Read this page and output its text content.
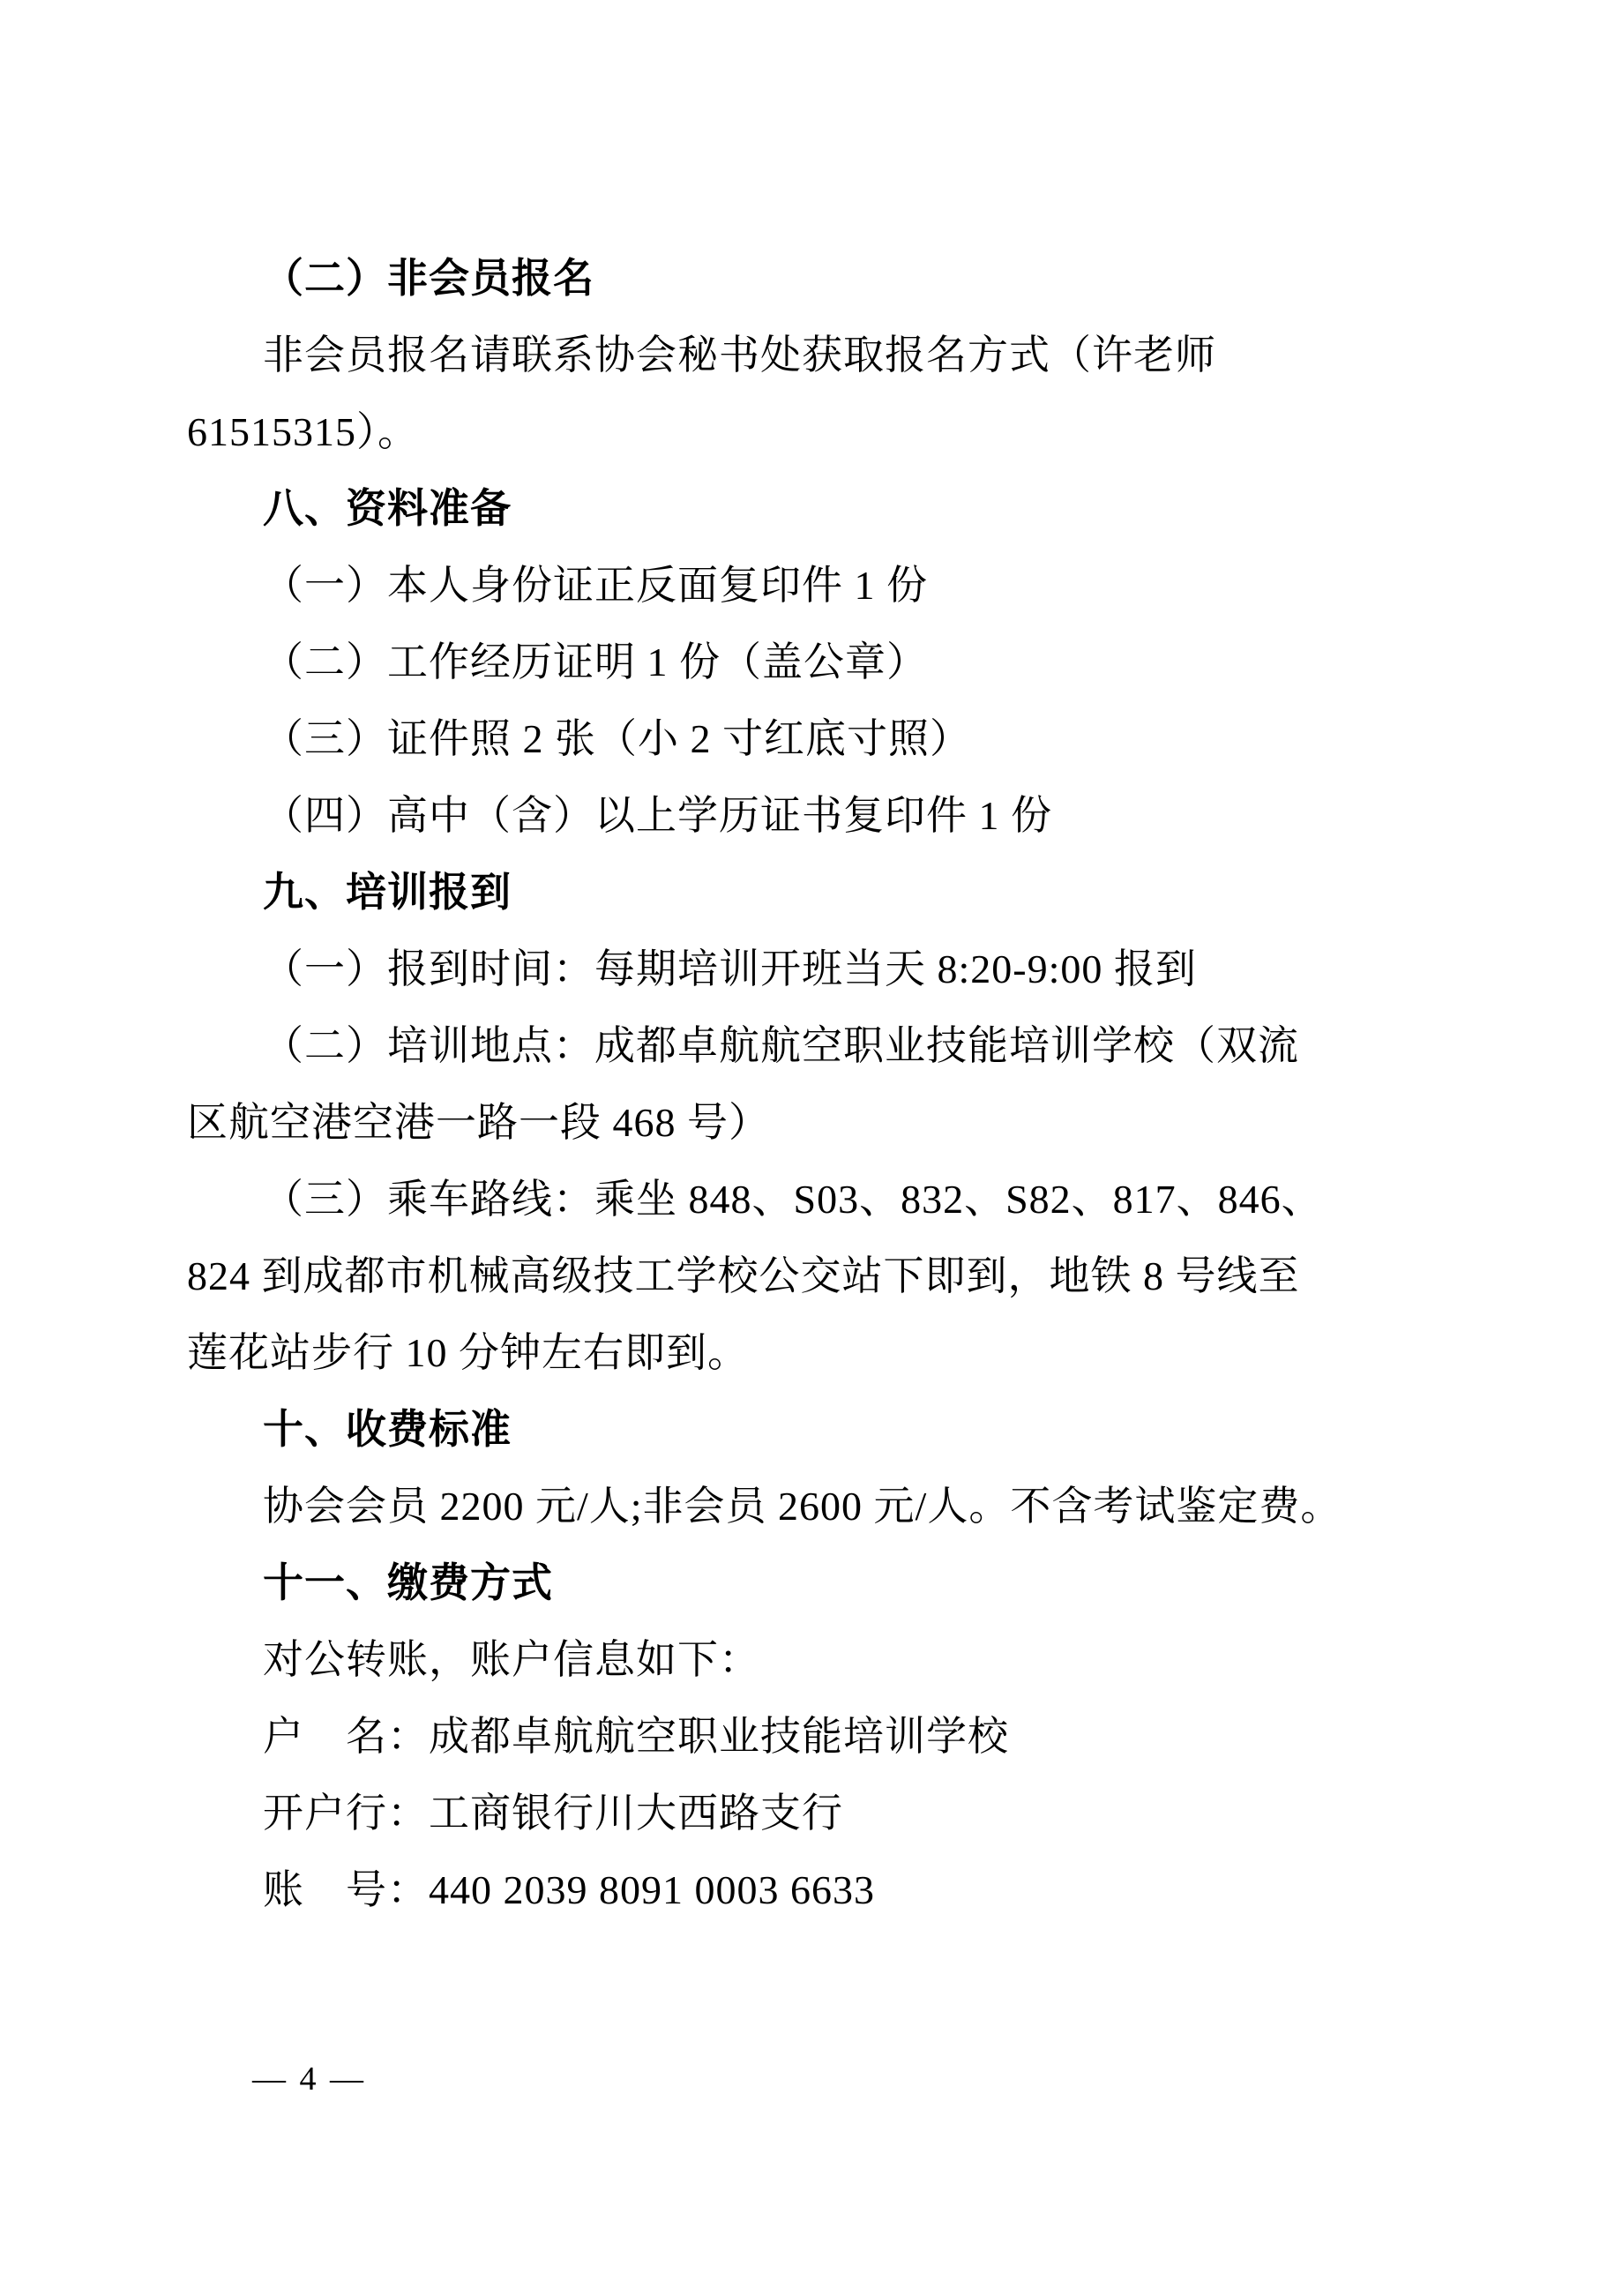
（二）非会员报名
非会员报名请联系协会秘书处获取报名方式（许老师
61515315）。
八、资料准备
（一）本人身份证正反面复印件 1 份
（二）工作经历证明 1 份（盖公章）
（三）证件照 2 张（小 2 寸红底寸照）
（四）高中（含）以上学历证书复印件 1 份
九、培训报到
（一）报到时间：每期培训开班当天 8:20-9:00 报到
（二）培训地点：成都卓航航空职业技能培训学校（双流
区航空港空港一路一段 468 号）
（三）乘车路线：乘坐 848、S03、832、S82、817、846、
824 到成都市机械高级技工学校公交站下即到，地铁 8 号线至
莲花站步行 10 分钟左右即到。
十、收费标准
协会会员 2200 元/人;非会员 2600 元/人。不含考试鉴定费。
十一、缴费方式
对公转账，账户信息如下：
户　名：成都卓航航空职业技能培训学校
开户行：工商银行川大西路支行
账　号：440 2039 8091 0003 6633
— 4 —
